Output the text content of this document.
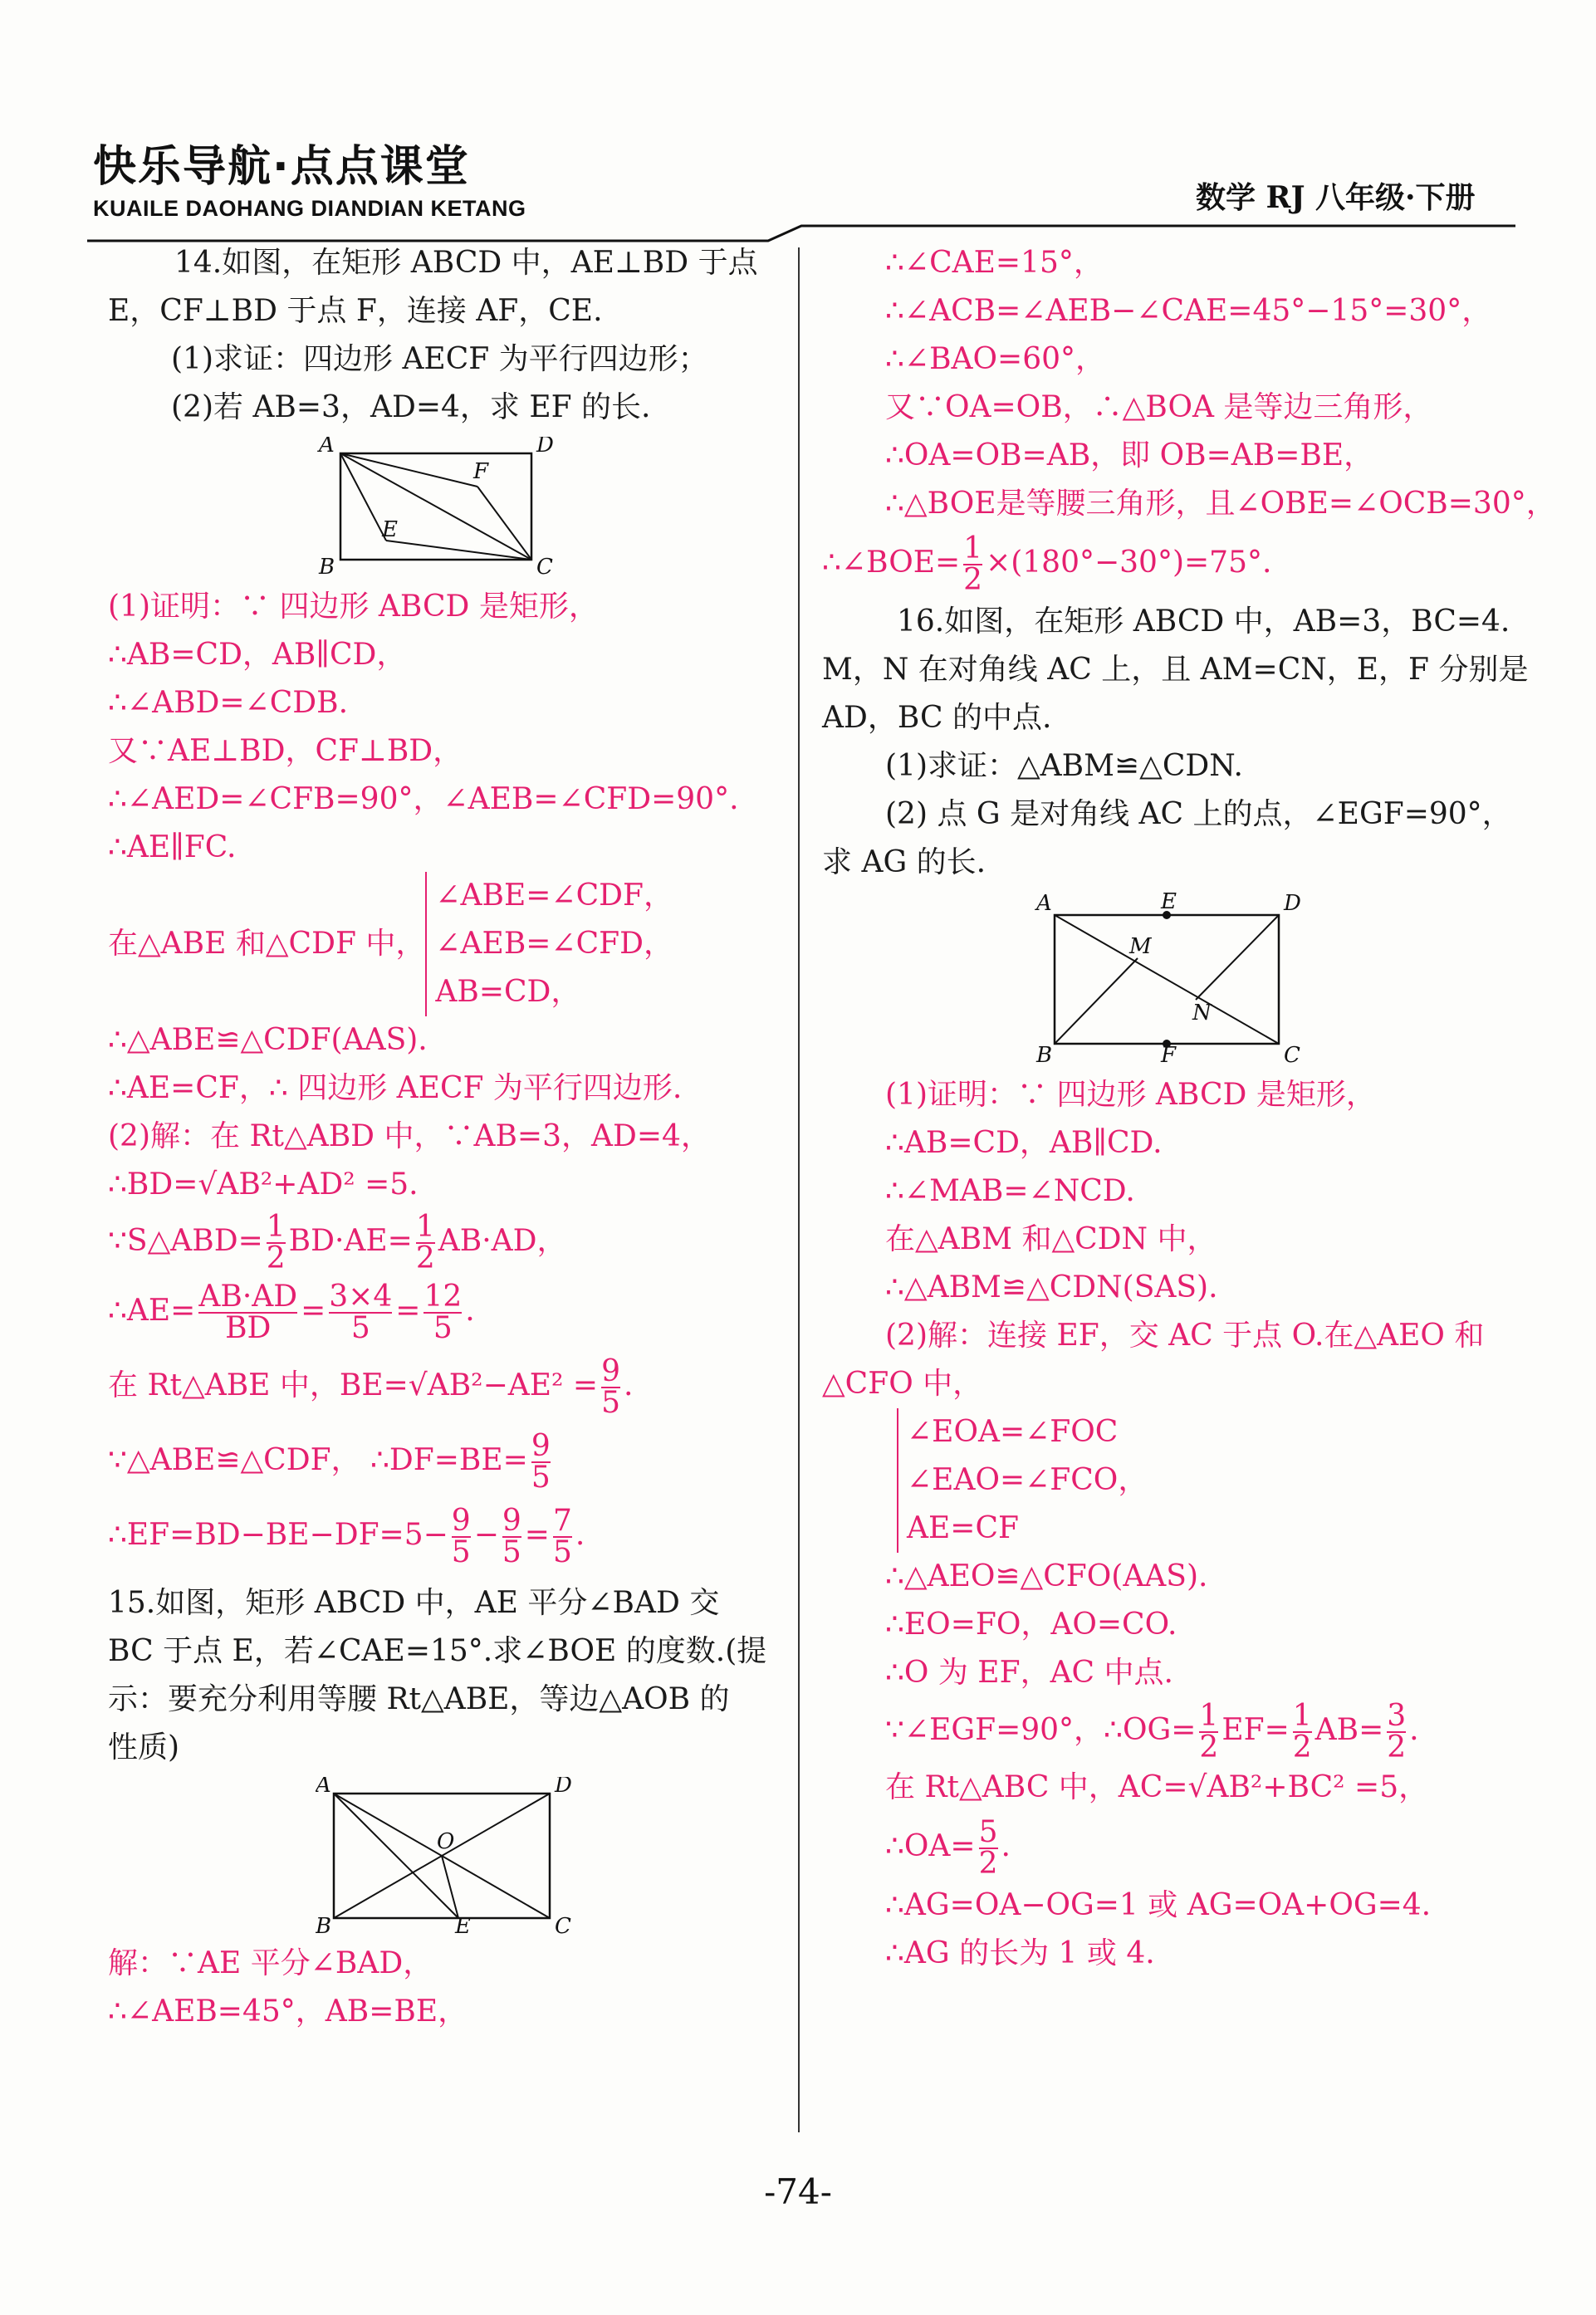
快乐导航·点点课堂
KUAILE DAOHANG DIANDIAN KETANG	数学 RJ 八年级·下册
14.如图，在矩形 ABCD 中，AE⊥BD 于点
E，CF⊥BD 于点 F，连接 AF，CE.
(1)求证：四边形 AECF 为平行四边形；
(2)若 AB=3，AD=4，求 EF 的长.
A	D
F
E
B	C
(1)证明：∵ 四边形 ABCD 是矩形，
∴AB=CD，AB∥CD，
∴∠ABD=∠CDB.
又∵AE⊥BD，CF⊥BD，
∴∠AED=∠CFB=90°，∠AEB=∠CFD=90°.
∴AE∥FC.
在△ABE 和△CDF 中，
∠ABE=∠CDF，
∠AEB=∠CFD，
AB=CD，
∴△ABE≌△CDF(AAS).
∴AE=CF，∴ 四边形 AECF 为平行四边形.
(2)解：在 Rt△ABD 中，∵AB=3，AD=4，
∴BD=√AB²+AD² =5.
∵S△ABD= $\frac{1}{2} BD\cdot AE= \frac{1}{2} AB\cdot AD$，
∴AE= $\frac{AB\cdot AD}{BD} = \frac{3\times 4}{5} = \frac{12}{5}$ .
在 Rt△ABE 中，$BE=√AB^2-AE^2 = \frac{9}{5}$ .
∵△ABE≌△CDF， ∴DF=BE= $\frac{9}{5}$
∴EF=BD−BE−DF=5− $\frac{9}{5} - \frac{9}{5} = \frac{7}{5}$ .
15.如图，矩形 ABCD 中，AE 平分∠BAD 交
BC 于点 E，若∠CAE=15°.求∠BOE 的度数.(提
示：要充分利用等腰 Rt△ABE，等边△AOB 的
性质)
A	D
O
B	E	C
解：∵AE 平分∠BAD，
∴∠AEB=45°，AB=BE，
∴∠CAE=15°，
∴∠ACB=∠AEB−∠CAE=45°−15°=30°，
∴∠BAO=60°，
又∵OA=OB，∴△BOA 是等边三角形，
∴OA=OB=AB，即 OB=AB=BE，
∴△BOE是等腰三角形，且∠OBE=∠OCB=30°，
∴∠BOE= $\frac{1}{2} \times(180^\circ-30^\circ)=75^\circ$.
16.如图，在矩形 ABCD 中，AB=3，BC=4.
M，N 在对角线 AC 上，且 AM=CN，E，F 分别是
AD，BC 的中点.
(1)求证：△ABM≌△CDN.
(2) 点 G 是对角线 AC 上的点，∠EGF=90°，
求 AG 的长.
A	E	D
M
N
B	F	C
(1)证明：∵ 四边形 ABCD 是矩形，
∴AB=CD，AB∥CD.
∴∠MAB=∠NCD.
在△ABM 和△CDN 中，
∴△ABM≌△CDN(SAS).
(2)解：连接 EF，交 AC 于点 O.在△AEO 和
△CFO 中，
∠EOA=∠FOC
∠EAO=∠FCO，
AE=CF
∴△AEO≌△CFO(AAS).
∴EO=FO，AO=CO.
∴O 为 EF，AC 中点.
∵∠EGF=90°，∴OG= $\frac{1}{2} EF= \frac{1}{2} AB= \frac{3}{2}$ .
在 Rt△ABC 中，AC=√AB²+BC² =5，
∴OA= $\frac{5}{2}$ .
∴AG=OA−OG=1 或 AG=OA+OG=4.
∴AG 的长为 1 或 4.
-74-
